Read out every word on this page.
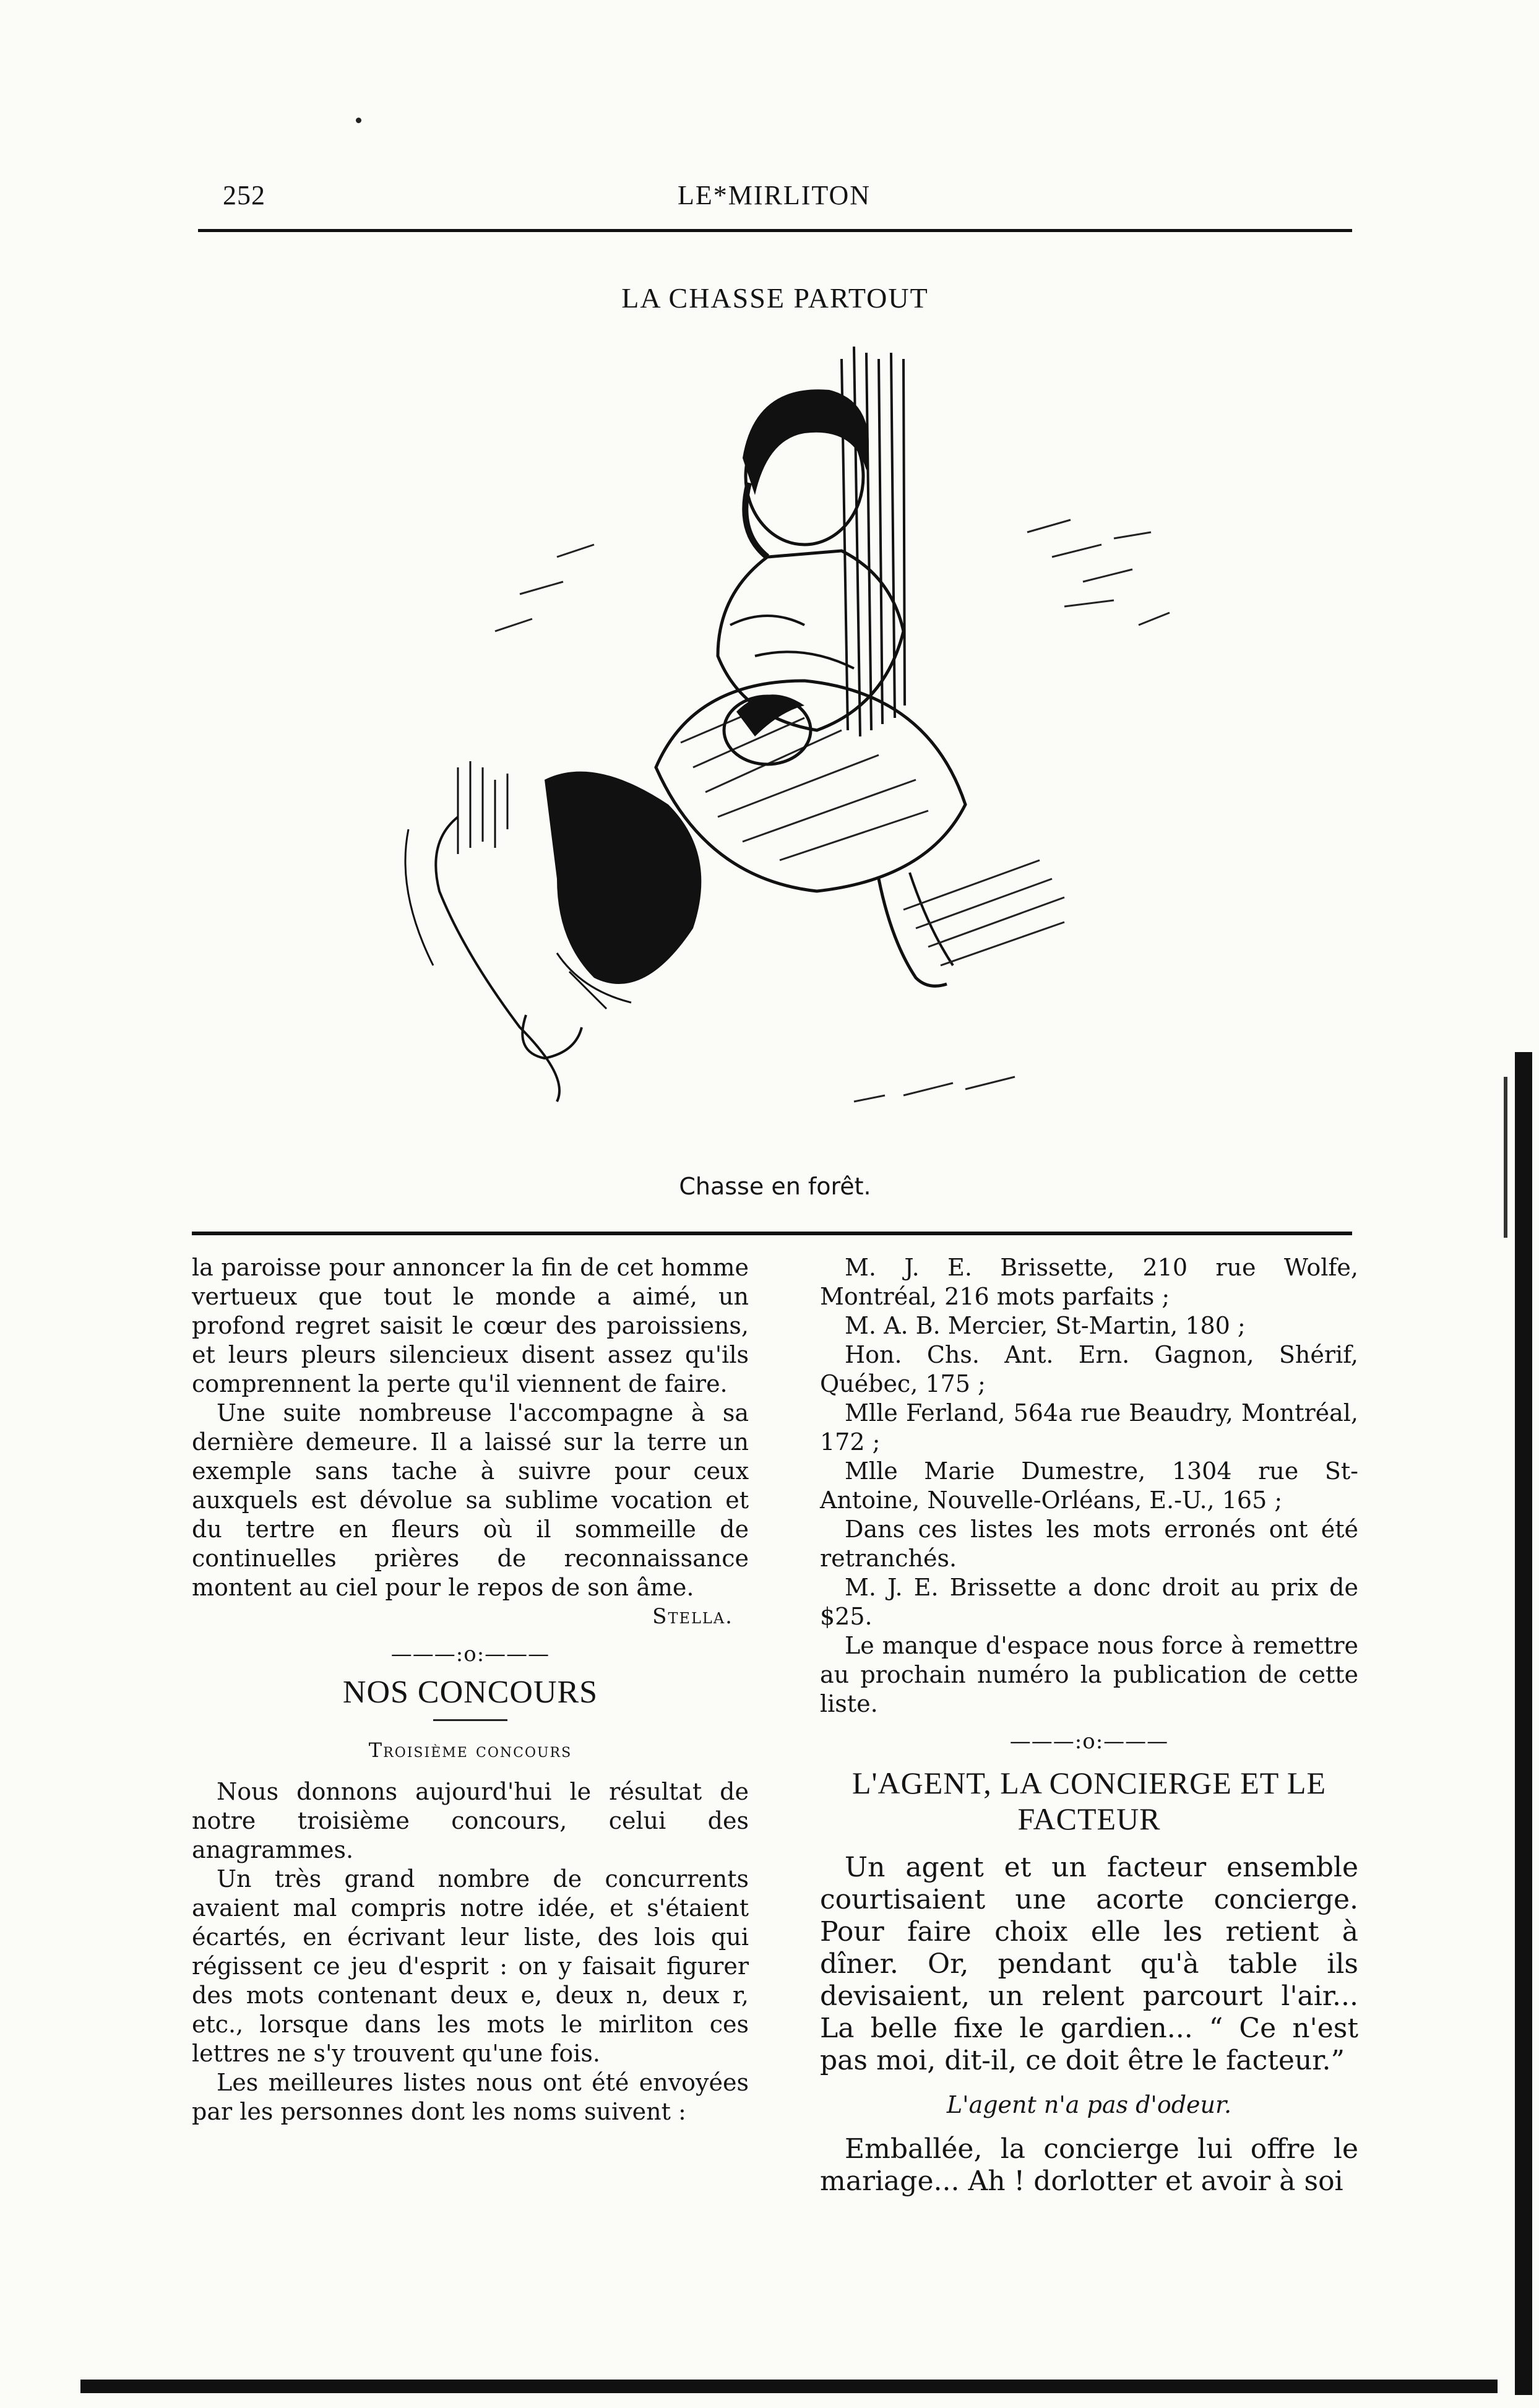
252	LE*MIRLITON
LA CHASSE PARTOUT
Chasse en forêt.

la paroisse pour annoncer la fin de cet homme vertueux que tout le monde a aimé, un profond regret saisit le cœur des paroissiens, et leurs pleurs silencieux disent assez qu'ils comprennent la perte qu'il viennent de faire.

Une suite nombreuse l'accompagne à sa dernière demeure. Il a laissé sur la terre un exemple sans tache à suivre pour ceux auxquels est dévolue sa sublime vocation et du tertre en fleurs où il sommeille de continuelles prières de reconnaissance montent au ciel pour le repos de son âme.

Stella.
———:o:———
NOS CONCOURS
Troisième concours

Nous donnons aujourd'hui le résultat de notre troisième concours, celui des anagrammes.

Un très grand nombre de concurrents avaient mal compris notre idée, et s'étaient écartés, en écrivant leur liste, des lois qui régissent ce jeu d'esprit : on y faisait figurer des mots contenant deux e, deux n, deux r, etc., lorsque dans les mots le mirliton ces lettres ne s'y trouvent qu'une fois.

Les meilleures listes nous ont été envoyées par les personnes dont les noms suivent :

M. J. E. Brissette, 210 rue Wolfe, Montréal, 216 mots parfaits ;

M. A. B. Mercier, St-Martin, 180 ;

Hon. Chs. Ant. Ern. Gagnon, Shérif, Québec, 175 ;

Mlle Ferland, 564a rue Beaudry, Montréal, 172 ;

Mlle Marie Dumestre, 1304 rue St-Antoine, Nouvelle-Orléans, E.-U., 165 ;

Dans ces listes les mots erronés ont été retranchés.

M. J. E. Brissette a donc droit au prix de $25.

Le manque d'espace nous force à remettre au prochain numéro la publication de cette liste.

———:o:———
L'AGENT, LA CONCIERGE ET LE FACTEUR

Un agent et un facteur ensemble courtisaient une acorte concierge. Pour faire choix elle les retient à dîner. Or, pendant qu'à table ils devisaient, un relent parcourt l'air... La belle fixe le gardien... “ Ce n'est pas moi, dit-il, ce doit être le facteur.”

L'agent n'a pas d'odeur.

Emballée, la concierge lui offre le mariage... Ah ! dorlotter et avoir à soi
